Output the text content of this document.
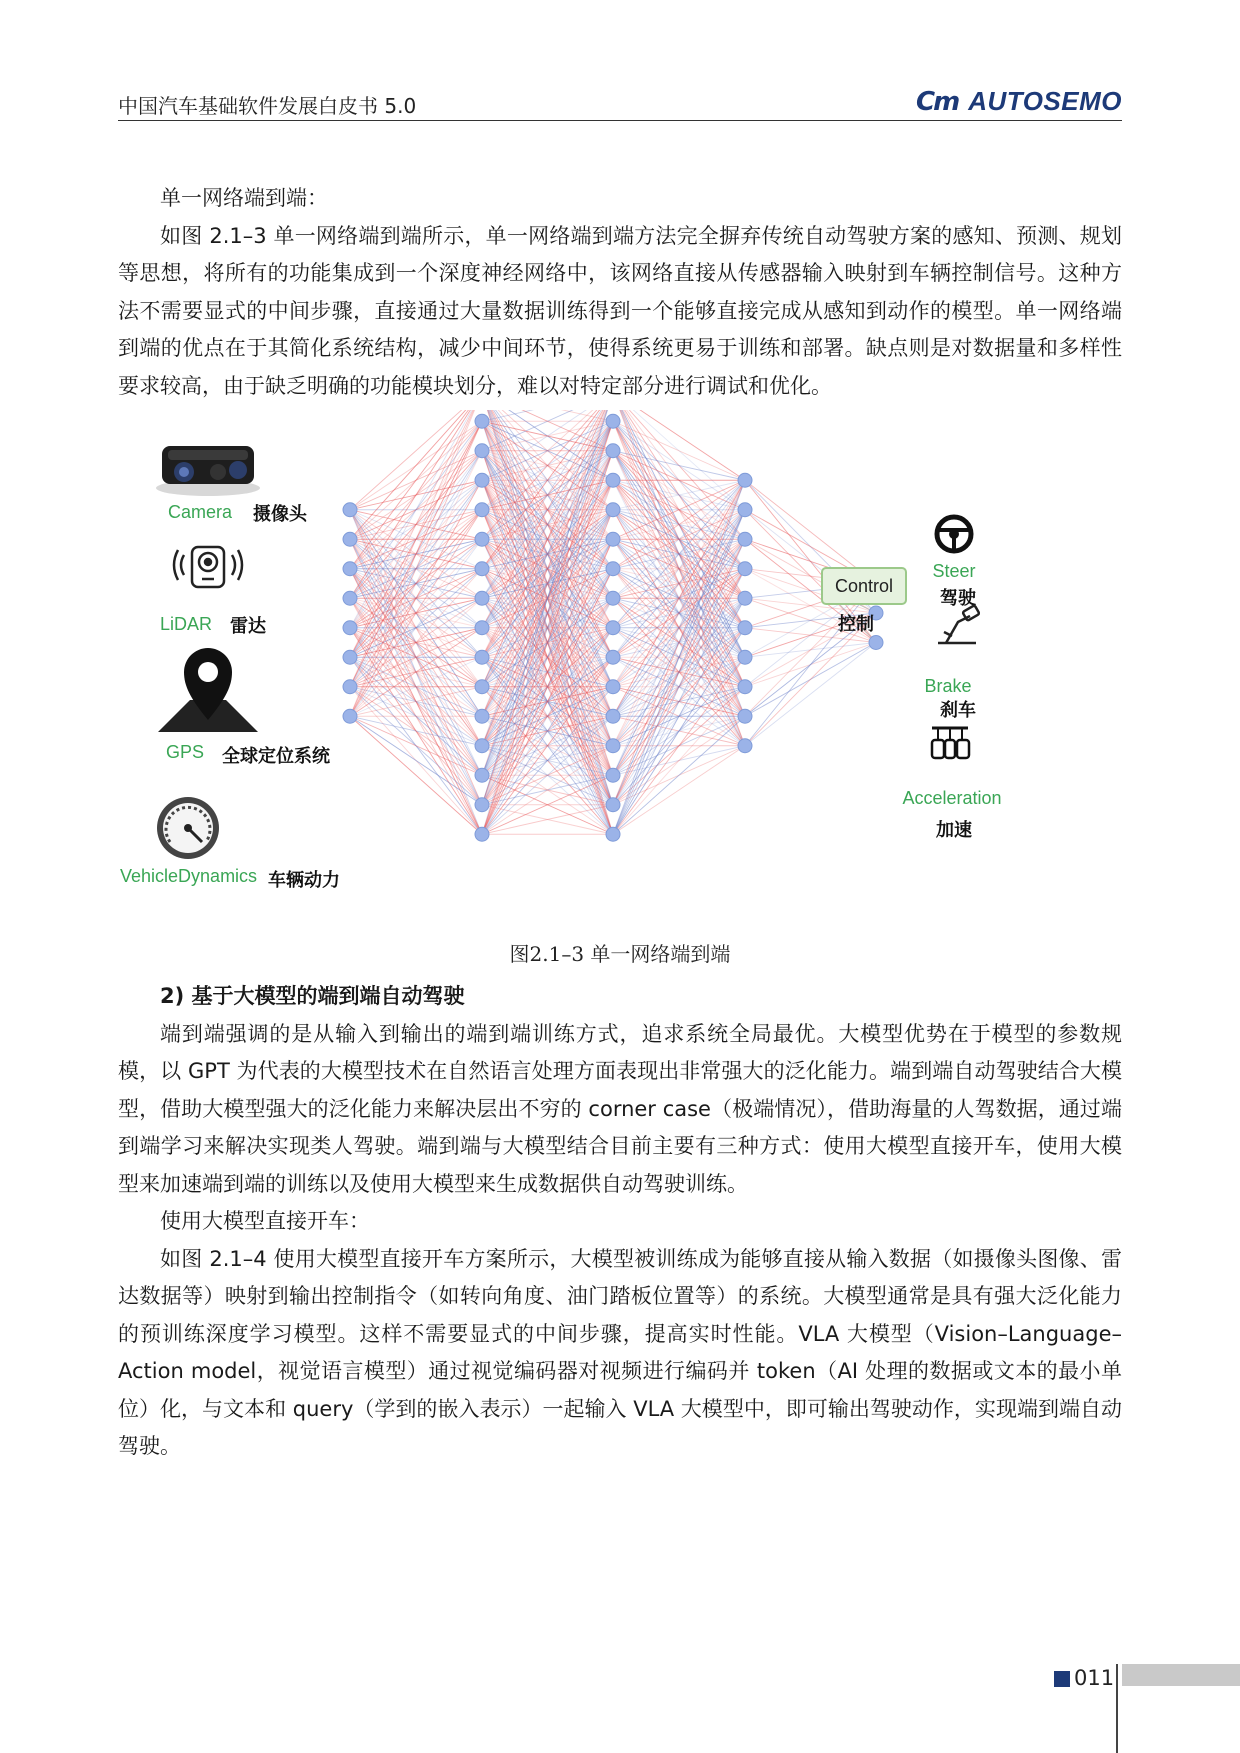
中国汽车基础软件发展白皮书 5.0	Cm AUTOSEMO

单一网络端到端：

如图 2.1–3 单一网络端到端所示，单一网络端到端方法完全摒弃传统自动驾驶方案的感知、预测、规划等思想，将所有的功能集成到一个深度神经网络中，该网络直接从传感器输入映射到车辆控制信号。这种方法不需要显式的中间步骤，直接通过大量数据训练得到一个能够直接完成从感知到动作的模型。单一网络端到端的优点在于其简化系统结构，减少中间环节，使得系统更易于训练和部署。缺点则是对数据量和多样性要求较高，由于缺乏明确的功能模块划分，难以对特定部分进行调试和优化。

Camera 摄像头
LiDAR 雷达
GPS 全球定位系统
VehicleDynamics 车辆动力
Control
控制
Steer
驾驶
Brake
刹车
Acceleration
加速
图2.1–3 单一网络端到端

2) 基于大模型的端到端自动驾驶

端到端强调的是从输入到输出的端到端训练方式，追求系统全局最优。大模型优势在于模型的参数规模，以 GPT 为代表的大模型技术在自然语言处理方面表现出非常强大的泛化能力。端到端自动驾驶结合大模型，借助大模型强大的泛化能力来解决层出不穷的 corner case（极端情况），借助海量的人驾数据，通过端到端学习来解决实现类人驾驶。端到端与大模型结合目前主要有三种方式：使用大模型直接开车，使用大模型来加速端到端的训练以及使用大模型来生成数据供自动驾驶训练。

使用大模型直接开车：

如图 2.1–4 使用大模型直接开车方案所示，大模型被训练成为能够直接从输入数据（如摄像头图像、雷达数据等）映射到输出控制指令（如转向角度、油门踏板位置等）的系统。大模型通常是具有强大泛化能力的预训练深度学习模型。这样不需要显式的中间步骤，提高实时性能。VLA 大模型（Vision–Language–Action model，视觉语言模型）通过视觉编码器对视频进行编码并 token（AI 处理的数据或文本的最小单位）化，与文本和 query（学到的嵌入表示）一起输入 VLA 大模型中，即可输出驾驶动作，实现端到端自动驾驶。

011
